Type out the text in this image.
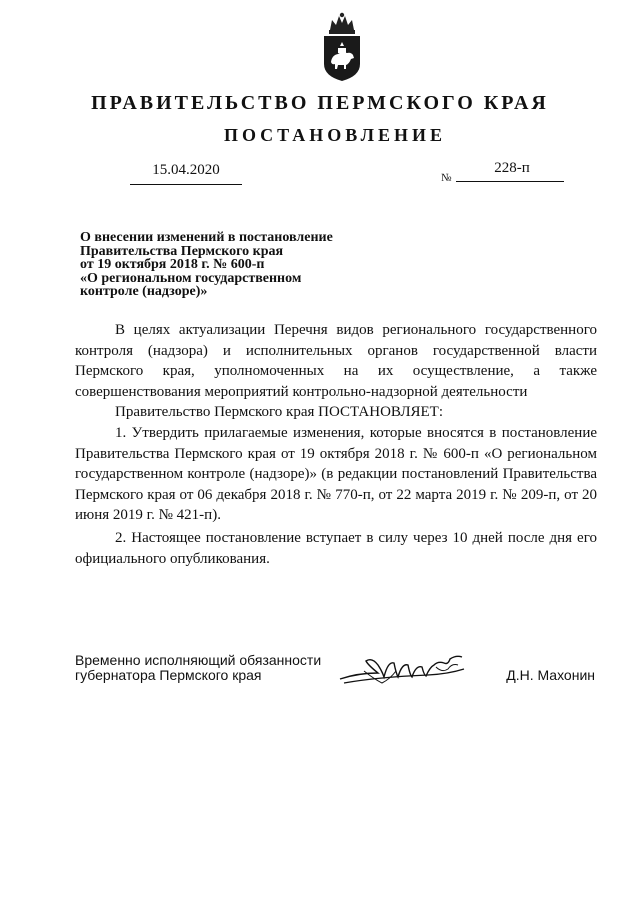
ПРАВИТЕЛЬСТВО ПЕРМСКОГО КРАЯ
ПОСТАНОВЛЕНИЕ
15.04.2020	№
228-п
О внесении изменений в постановление
Правительства Пермского края
от 19 октября 2018 г. № 600-п
«О региональном государственном
контроле (надзоре)»

В целях актуализации Перечня видов регионального государственного контроля (надзора) и исполнительных органов государственной власти Пермского края, уполномоченных на их осуществление, а также совершенствования мероприятий контрольно-надзорной деятельности

Правительство Пермского края ПОСТАНОВЛЯЕТ:

1. Утвердить прилагаемые изменения, которые вносятся в постановление Правительства Пермского края от 19 октября 2018 г. № 600-п «О региональном государственном контроле (надзоре)» (в редакции постановлений Правительства Пермского края от 06 декабря 2018 г. № 770-п, от 22 марта 2019 г. № 209-п, от 20 июня 2019 г. № 421-п).

2. Настоящее постановление вступает в силу через 10 дней после дня его официального опубликования.

Временно исполняющий обязанности
губернатора Пермского края	Д.Н. Махонин
